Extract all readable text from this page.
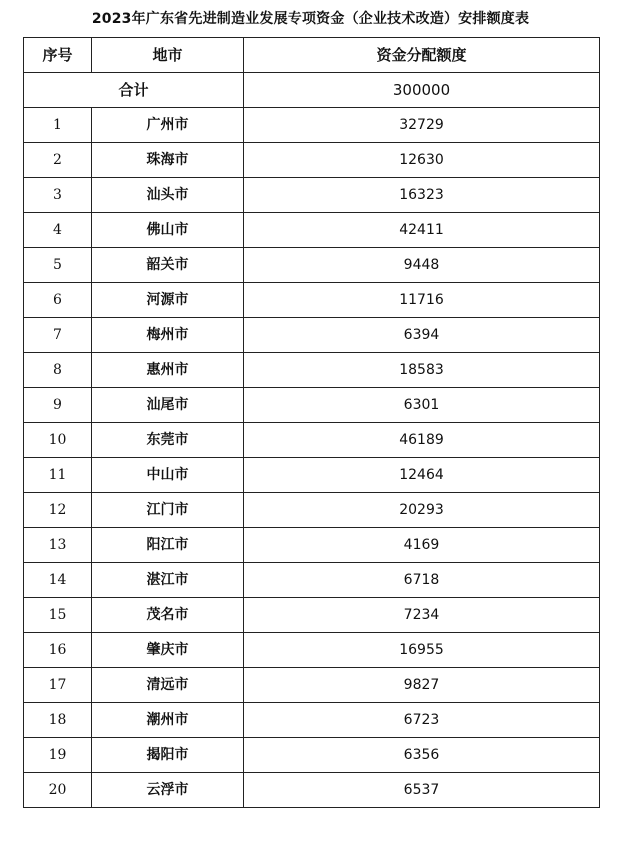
2023年广东省先进制造业发展专项资金（企业技术改造）安排额度表
序号	地市	资金分配额度
合计		300000
1	广州市	32729
2	珠海市	12630
3	汕头市	16323
4	佛山市	42411
5	韶关市	9448
6	河源市	11716
7	梅州市	6394
8	惠州市	18583
9	汕尾市	6301
10	东莞市	46189
11	中山市	12464
12	江门市	20293
13	阳江市	4169
14	湛江市	6718
15	茂名市	7234
16	肇庆市	16955
17	清远市	9827
18	潮州市	6723
19	揭阳市	6356
20	云浮市	6537
